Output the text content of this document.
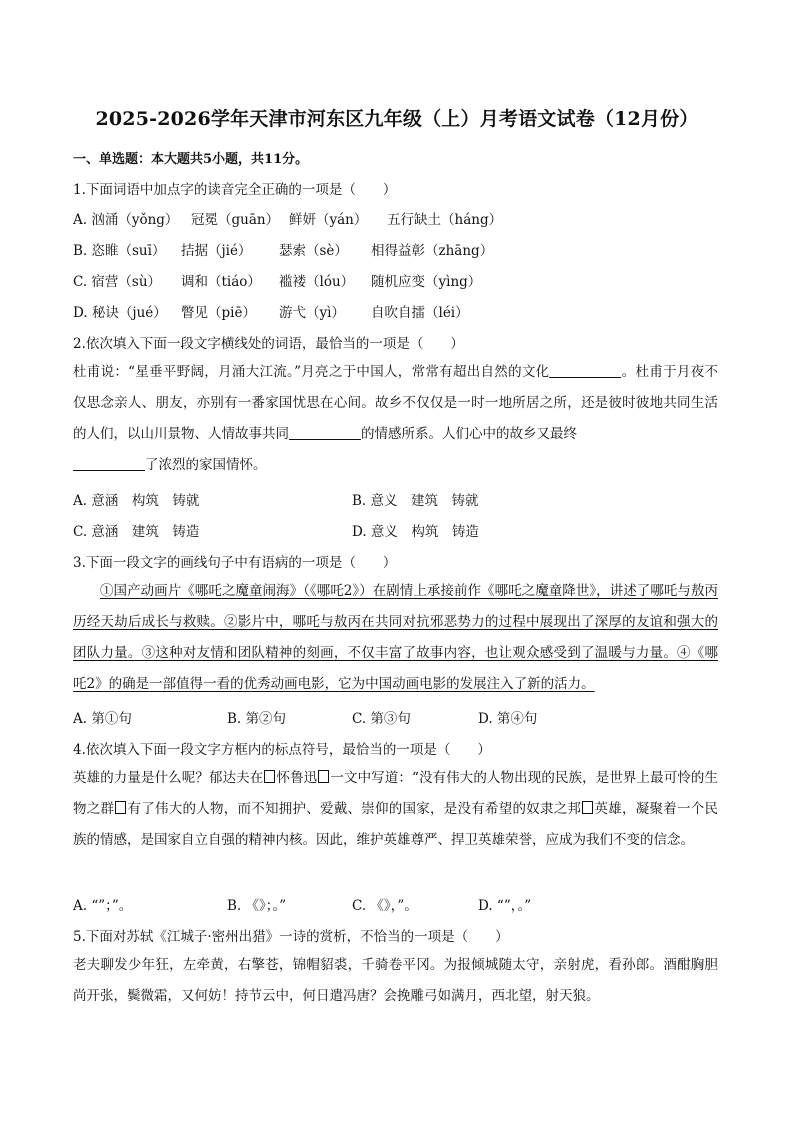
2025-2026学年天津市河东区九年级（上）月考语文试卷（12月份）
一、单选题：本大题共5小题，共11分。
1.下面词语中加点字的读音完全正确的一项是（　　）
A. 汹涌（yǒng） 冠冕（guān） 鲜妍（yán） 五行缺土（háng）
B. 恣睢（suī） 拮据（jié） 瑟索（sè） 相得益彰（zhāng）
C. 宿营（sù） 调和（tiáo） 褴褛（lóu） 随机应变（yìng）
D. 秘诀（jué） 瞥见（piē） 游弋（yì） 自吹自擂（léi）
2.依次填入下面一段文字横线处的词语，最恰当的一项是（　　）
杜甫说：“星垂平野阔，月涌大江流。”月亮之于中国人，常常有超出自然的文化	。杜甫于月夜不仅思念亲人、朋友，亦别有一番家国忧思在心间。故乡不仅仅是一时一地所居之所，还是彼时彼地共同生活的人们，以山川景物、人情故事共同	的情感所系。人们心中的故乡又最终
了浓烈的家国情怀。
A. 意涵　构筑　铸就	B. 意义　建筑　铸就
C. 意涵　建筑　铸造	D. 意义　构筑　铸造
3.下面一段文字的画线句子中有语病的一项是（　　）
①国产动画片《哪吒之魔童闹海》（《哪吒2》）在剧情上承接前作《哪吒之魔童降世》，讲述了哪吒与敖丙历经天劫后成长与救赎。②影片中，哪吒与敖丙在共同对抗邪恶势力的过程中展现出了深厚的友谊和强大的团队力量。③这种对友情和团队精神的刻画，不仅丰富了故事内容，也让观众感受到了温暖与力量。④《哪吒2》的确是一部值得一看的优秀动画电影，它为中国动画电影的发展注入了新的活力。
A. 第①句	B. 第②句	C. 第③句	D. 第④句
4.依次填入下面一段文字方框内的标点符号，最恰当的一项是（　　）
英雄的力量是什么呢？郁达夫在 怀鲁迅 一文中写道：“没有伟大的人物出现的民族，是世界上最可怜的生物之群 有了伟大的人物，而不知拥护、爱戴、崇仰的国家，是没有希望的奴隶之邦 英雄，凝聚着一个民族的情感，是国家自立自强的精神内核。因此，维护英雄尊严、捍卫英雄荣誉，应成为我们不变的信念。
A. “”；”。	B. 《》；。”	C. 《》，”。	D. “”，。”
5.下面对苏轼《江城子·密州出猎》一诗的赏析，不恰当的一项是（　　）
老夫聊发少年狂，左牵黄，右擎苍，锦帽貂裘，千骑卷平冈。为报倾城随太守，亲射虎，看孙郎。酒酣胸胆尚开张，鬓微霜，又何妨！持节云中，何日遣冯唐？会挽雕弓如满月，西北望，射天狼。
